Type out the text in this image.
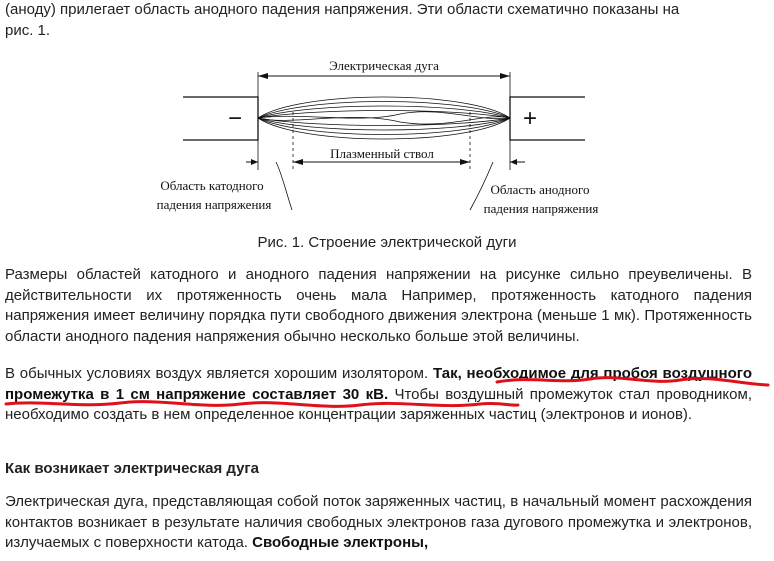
(аноду) прилегает область анодного падения напряжения. Эти области схематично показаны на
рис. 1.

Электрическая дуга
−	+
Плазменный ствол
Область катодного
падения напряжения
Область анодного
падения напряжения

Рис. 1. Строение электрической дуги

Размеры областей катодного и анодного падения напряжении на рисунке сильно преувеличены. В действительности их протяженность очень мала Например, протяженность катодного падения напряжения имеет величину порядка пути свободного движения электрона (меньше 1 мк). Протяженность области анодного падения напряжения обычно несколько больше этой величины.

В обычных условиях воздух является хорошим изолятором. Так, необходимое для пробоя воздушного промежутка в 1 см напряжение составляет 30 кВ. Чтобы воздушный промежуток стал проводником, необходимо создать в нем определенное концентрации заряженных частиц (электронов и ионов).

Как возникает электрическая дуга

Электрическая дуга, представляющая собой поток заряженных частиц, в начальный момент расхождения контактов возникает в результате наличия свободных электронов газа дугового промежутка и электронов, излучаемых с поверхности катода. Свободные электроны,
